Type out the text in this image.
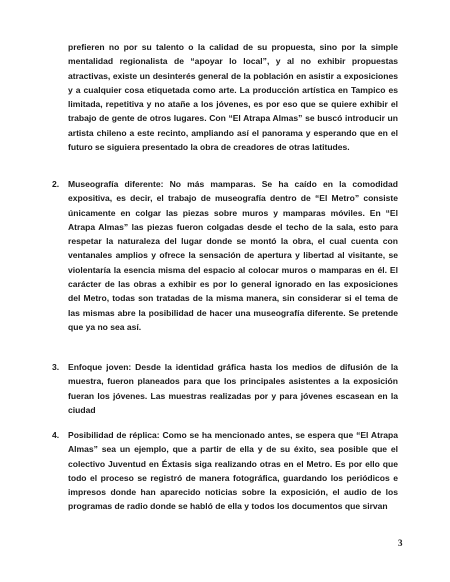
prefieren no por su talento o la calidad de su propuesta, sino por la simple mentalidad regionalista de “apoyar lo local”, y al no exhibir propuestas atractivas, existe un desinterés general de la población en asistir a exposiciones y a cualquier cosa etiquetada como arte. La producción artística en Tampico es limitada, repetitiva y no atañe a los jóvenes, es por eso que se quiere exhibir el trabajo de gente de otros lugares. Con “El Atrapa Almas” se buscó introducir un artista chileno a este recinto, ampliando así el panorama y esperando que en el futuro se siguiera presentado la obra de creadores de otras latitudes.

2. Museografía diferente: No más mamparas. Se ha caído en la comodidad expositiva, es decir, el trabajo de museografía dentro de “El Metro” consiste únicamente en colgar las piezas sobre muros y mamparas móviles. En “El Atrapa Almas” las piezas fueron colgadas desde el techo de la sala, esto para respetar la naturaleza del lugar donde se montó la obra, el cual cuenta con ventanales amplios y ofrece la sensación de apertura y libertad al visitante, se violentaría la esencia misma del espacio al colocar muros o mamparas en él. El carácter de las obras a exhibir es por lo general ignorado en las exposiciones del Metro, todas son tratadas de la misma manera, sin considerar si el tema de las mismas abre la posibilidad de hacer una museografía diferente. Se pretende que ya no sea así.

3. Enfoque joven: Desde la identidad gráfica hasta los medios de difusión de la muestra, fueron planeados para que los principales asistentes a la exposición fueran los jóvenes. Las muestras realizadas por y para jóvenes escasean en la ciudad

4. Posibilidad de réplica: Como se ha mencionado antes, se espera que “El Atrapa Almas” sea un ejemplo, que a partir de ella y de su éxito, sea posible que el colectivo Juventud en Éxtasis siga realizando otras en el Metro. Es por ello que todo el proceso se registró de manera fotográfica, guardando los periódicos e impresos donde han aparecido noticias sobre la exposición, el audio de los programas de radio donde se habló de ella y todos los documentos que sirvan

3
